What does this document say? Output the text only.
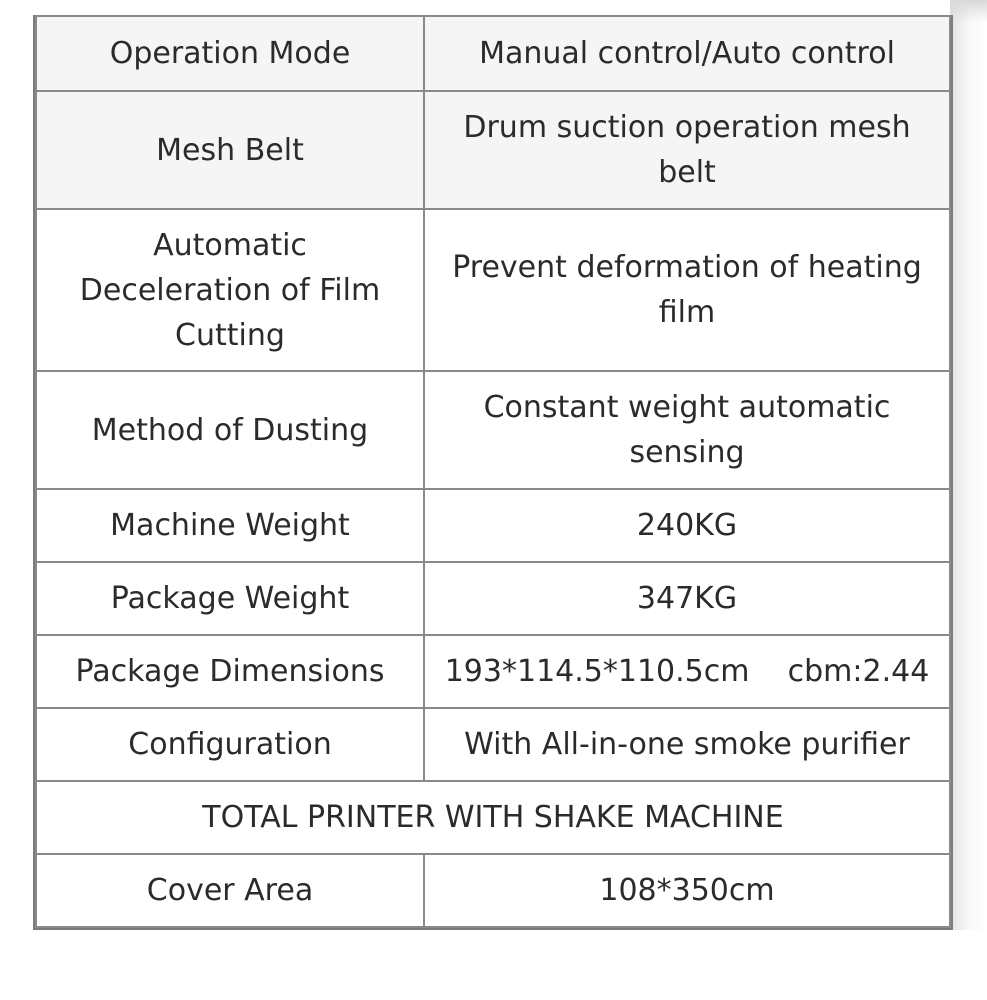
Operation Mode	Manual control/Auto control
Mesh Belt	Drum suction operation mesh belt
Automatic Deceleration of Film Cutting	Prevent deformation of heating film
Method of Dusting	Constant weight automatic sensing
Machine Weight	240KG
Package Weight	347KG
Package Dimensions	193*114.5*110.5cm    cbm:2.44
Configuration	With All-in-one smoke purifier
TOTAL PRINTER WITH SHAKE MACHINE	
Cover Area	108*350cm
